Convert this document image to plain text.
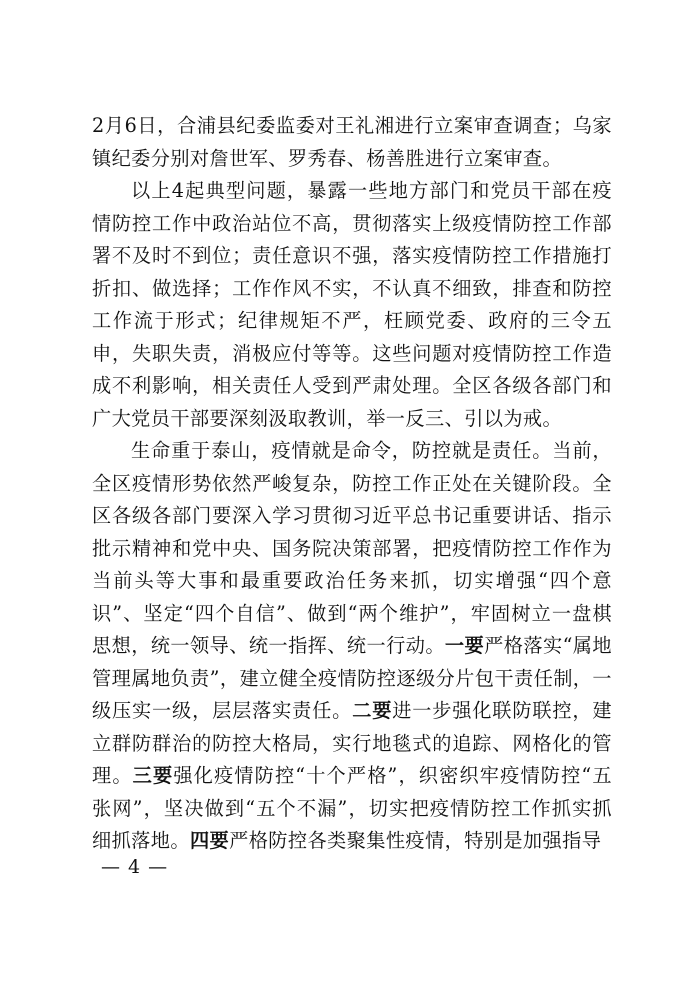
2月6日，合浦县纪委监委对王礼湘进行立案审查调查；乌家镇纪委分别对詹世军、罗秀春、杨善胜进行立案审查。

以上4起典型问题，暴露一些地方部门和党员干部在疫情防控工作中政治站位不高，贯彻落实上级疫情防控工作部署不及时不到位；责任意识不强，落实疫情防控工作措施打折扣、做选择；工作作风不实，不认真不细致，排查和防控工作流于形式；纪律规矩不严，枉顾党委、政府的三令五申，失职失责，消极应付等等。这些问题对疫情防控工作造成不利影响，相关责任人受到严肃处理。全区各级各部门和广大党员干部要深刻汲取教训，举一反三、引以为戒。

生命重于泰山，疫情就是命令，防控就是责任。当前，全区疫情形势依然严峻复杂，防控工作正处在关键阶段。全区各级各部门要深入学习贯彻习近平总书记重要讲话、指示批示精神和党中央、国务院决策部署，把疫情防控工作作为当前头等大事和最重要政治任务来抓，切实增强“四个意识”、坚定“四个自信”、做到“两个维护”，牢固树立一盘棋思想，统一领导、统一指挥、统一行动。一要严格落实“属地管理属地负责”，建立健全疫情防控逐级分片包干责任制，一级压实一级，层层落实责任。二要进一步强化联防联控，建立群防群治的防控大格局，实行地毯式的追踪、网格化的管理。三要强化疫情防控“十个严格”，织密织牢疫情防控“五张网”，坚决做到“五个不漏”，切实把疫情防控工作抓实抓细抓落地。四要严格防控各类聚集性疫情，特别是加强指导

— 4 —
